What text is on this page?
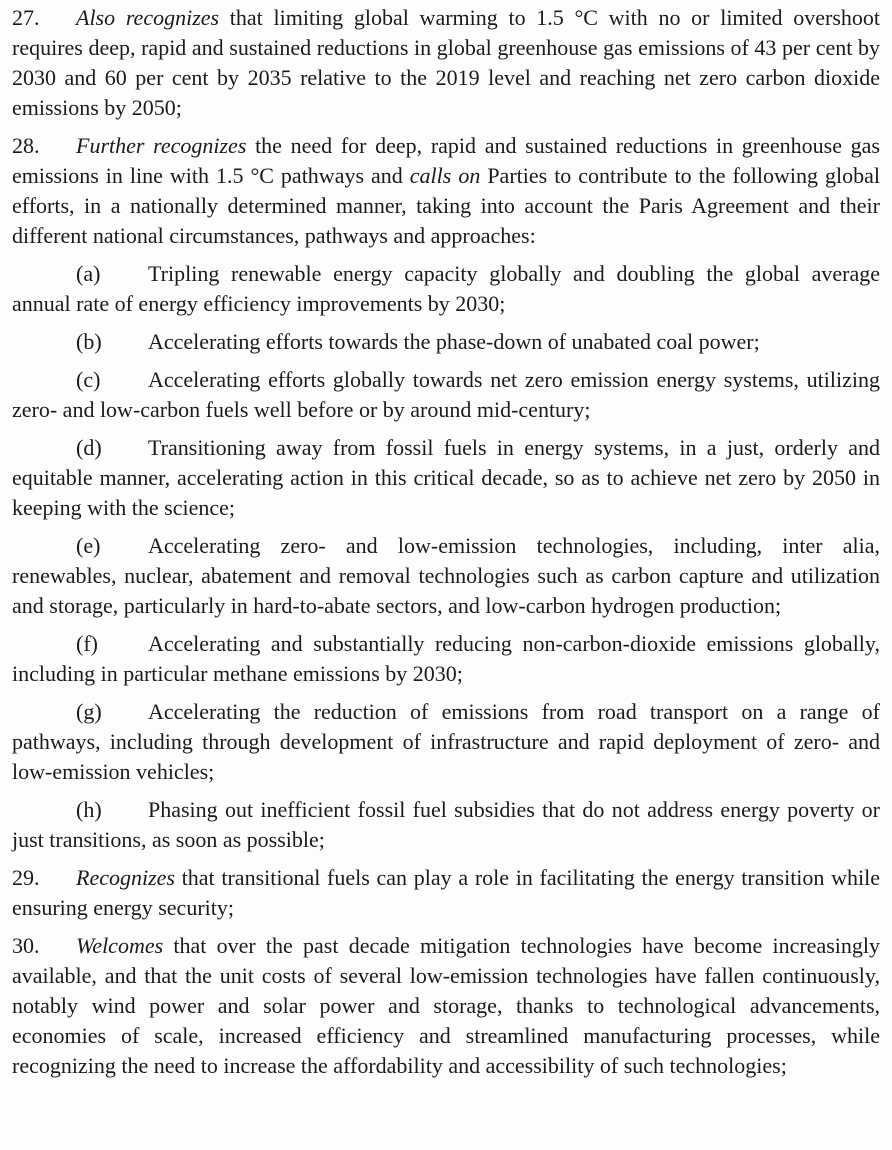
27. Also recognizes that limiting global warming to 1.5 °C with no or limited overshoot requires deep, rapid and sustained reductions in global greenhouse gas emissions of 43 per cent by 2030 and 60 per cent by 2035 relative to the 2019 level and reaching net zero carbon dioxide emissions by 2050;

28. Further recognizes the need for deep, rapid and sustained reductions in greenhouse gas emissions in line with 1.5 °C pathways and calls on Parties to contribute to the following global efforts, in a nationally determined manner, taking into account the Paris Agreement and their different national circumstances, pathways and approaches:

(a) Tripling renewable energy capacity globally and doubling the global average annual rate of energy efficiency improvements by 2030;

(b) Accelerating efforts towards the phase-down of unabated coal power;

(c) Accelerating efforts globally towards net zero emission energy systems, utilizing zero- and low-carbon fuels well before or by around mid-century;

(d) Transitioning away from fossil fuels in energy systems, in a just, orderly and equitable manner, accelerating action in this critical decade, so as to achieve net zero by 2050 in keeping with the science;

(e) Accelerating zero- and low-emission technologies, including, inter alia, renewables, nuclear, abatement and removal technologies such as carbon capture and utilization and storage, particularly in hard-to-abate sectors, and low-carbon hydrogen production;

(f) Accelerating and substantially reducing non-carbon-dioxide emissions globally, including in particular methane emissions by 2030;

(g) Accelerating the reduction of emissions from road transport on a range of pathways, including through development of infrastructure and rapid deployment of zero- and low-emission vehicles;

(h) Phasing out inefficient fossil fuel subsidies that do not address energy poverty or just transitions, as soon as possible;

29. Recognizes that transitional fuels can play a role in facilitating the energy transition while ensuring energy security;

30. Welcomes that over the past decade mitigation technologies have become increasingly available, and that the unit costs of several low-emission technologies have fallen continuously, notably wind power and solar power and storage, thanks to technological advancements, economies of scale, increased efficiency and streamlined manufacturing processes, while recognizing the need to increase the affordability and accessibility of such technologies;
